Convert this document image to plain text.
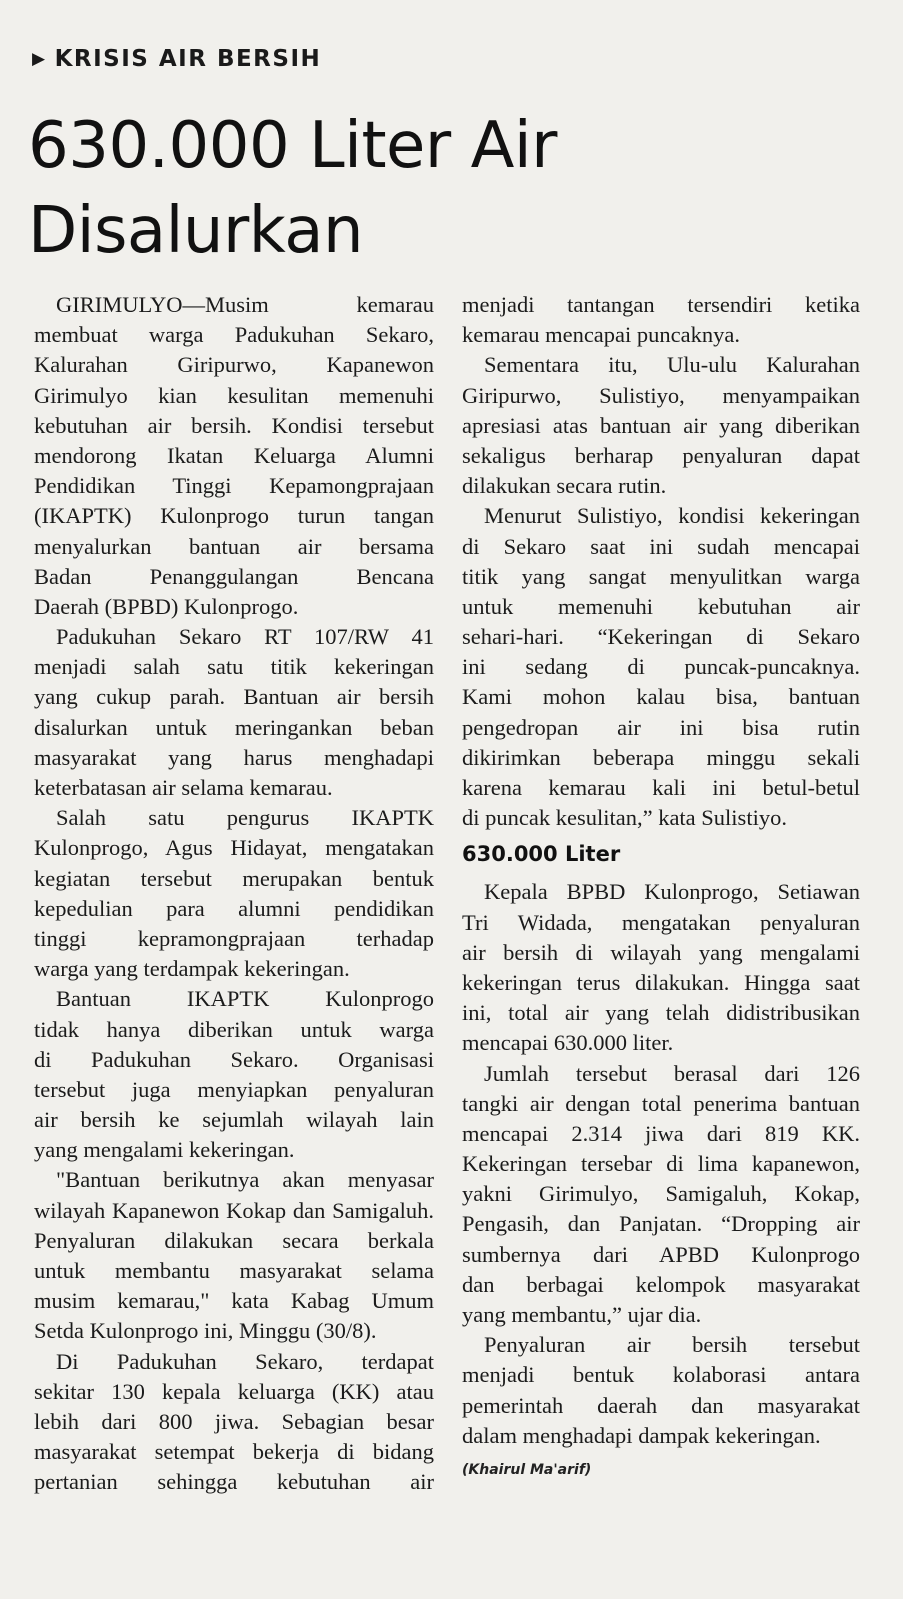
▶ KRISIS AIR BERSIH
630.000 Liter Air
Disalurkan
GIRIMULYO—Musim kemarau
membuat warga Padukuhan Sekaro,
Kalurahan Giripurwo, Kapanewon
Girimulyo kian kesulitan memenuhi
kebutuhan air bersih. Kondisi tersebut
mendorong Ikatan Keluarga Alumni
Pendidikan Tinggi Kepamongprajaan
(IKAPTK) Kulonprogo turun tangan
menyalurkan bantuan air bersama
Badan Penanggulangan Bencana
Daerah (BPBD) Kulonprogo.
Padukuhan Sekaro RT 107/RW 41
menjadi salah satu titik kekeringan
yang cukup parah. Bantuan air bersih
disalurkan untuk meringankan beban
masyarakat yang harus menghadapi
keterbatasan air selama kemarau.
Salah satu pengurus IKAPTK
Kulonprogo, Agus Hidayat, mengatakan
kegiatan tersebut merupakan bentuk
kepedulian para alumni pendidikan
tinggi kepramongprajaan terhadap
warga yang terdampak kekeringan.
Bantuan IKAPTK Kulonprogo
tidak hanya diberikan untuk warga
di Padukuhan Sekaro. Organisasi
tersebut juga menyiapkan penyaluran
air bersih ke sejumlah wilayah lain
yang mengalami kekeringan.
"Bantuan berikutnya akan menyasar
wilayah Kapanewon Kokap dan Samigaluh.
Penyaluran dilakukan secara berkala
untuk membantu masyarakat selama
musim kemarau," kata Kabag Umum
Setda Kulonprogo ini, Minggu (30/8).
Di Padukuhan Sekaro, terdapat
sekitar 130 kepala keluarga (KK) atau
lebih dari 800 jiwa. Sebagian besar
masyarakat setempat bekerja di bidang
pertanian sehingga kebutuhan air
menjadi tantangan tersendiri ketika
kemarau mencapai puncaknya.
Sementara itu, Ulu-ulu Kalurahan
Giripurwo, Sulistiyo, menyampaikan
apresiasi atas bantuan air yang diberikan
sekaligus berharap penyaluran dapat
dilakukan secara rutin.
Menurut Sulistiyo, kondisi kekeringan
di Sekaro saat ini sudah mencapai
titik yang sangat menyulitkan warga
untuk memenuhi kebutuhan air
sehari-hari. “Kekeringan di Sekaro
ini sedang di puncak-puncaknya.
Kami mohon kalau bisa, bantuan
pengedropan air ini bisa rutin
dikirimkan beberapa minggu sekali
karena kemarau kali ini betul-betul
di puncak kesulitan,” kata Sulistiyo.
630.000 Liter
Kepala BPBD Kulonprogo, Setiawan
Tri Widada, mengatakan penyaluran
air bersih di wilayah yang mengalami
kekeringan terus dilakukan. Hingga saat
ini, total air yang telah didistribusikan
mencapai 630.000 liter.
Jumlah tersebut berasal dari 126
tangki air dengan total penerima bantuan
mencapai 2.314 jiwa dari 819 KK.
Kekeringan tersebar di lima kapanewon,
yakni Girimulyo, Samigaluh, Kokap,
Pengasih, dan Panjatan. “Dropping air
sumbernya dari APBD Kulonprogo
dan berbagai kelompok masyarakat
yang membantu,” ujar dia.
Penyaluran air bersih tersebut
menjadi bentuk kolaborasi antara
pemerintah daerah dan masyarakat
dalam menghadapi dampak kekeringan.
(Khairul Ma'arif)
